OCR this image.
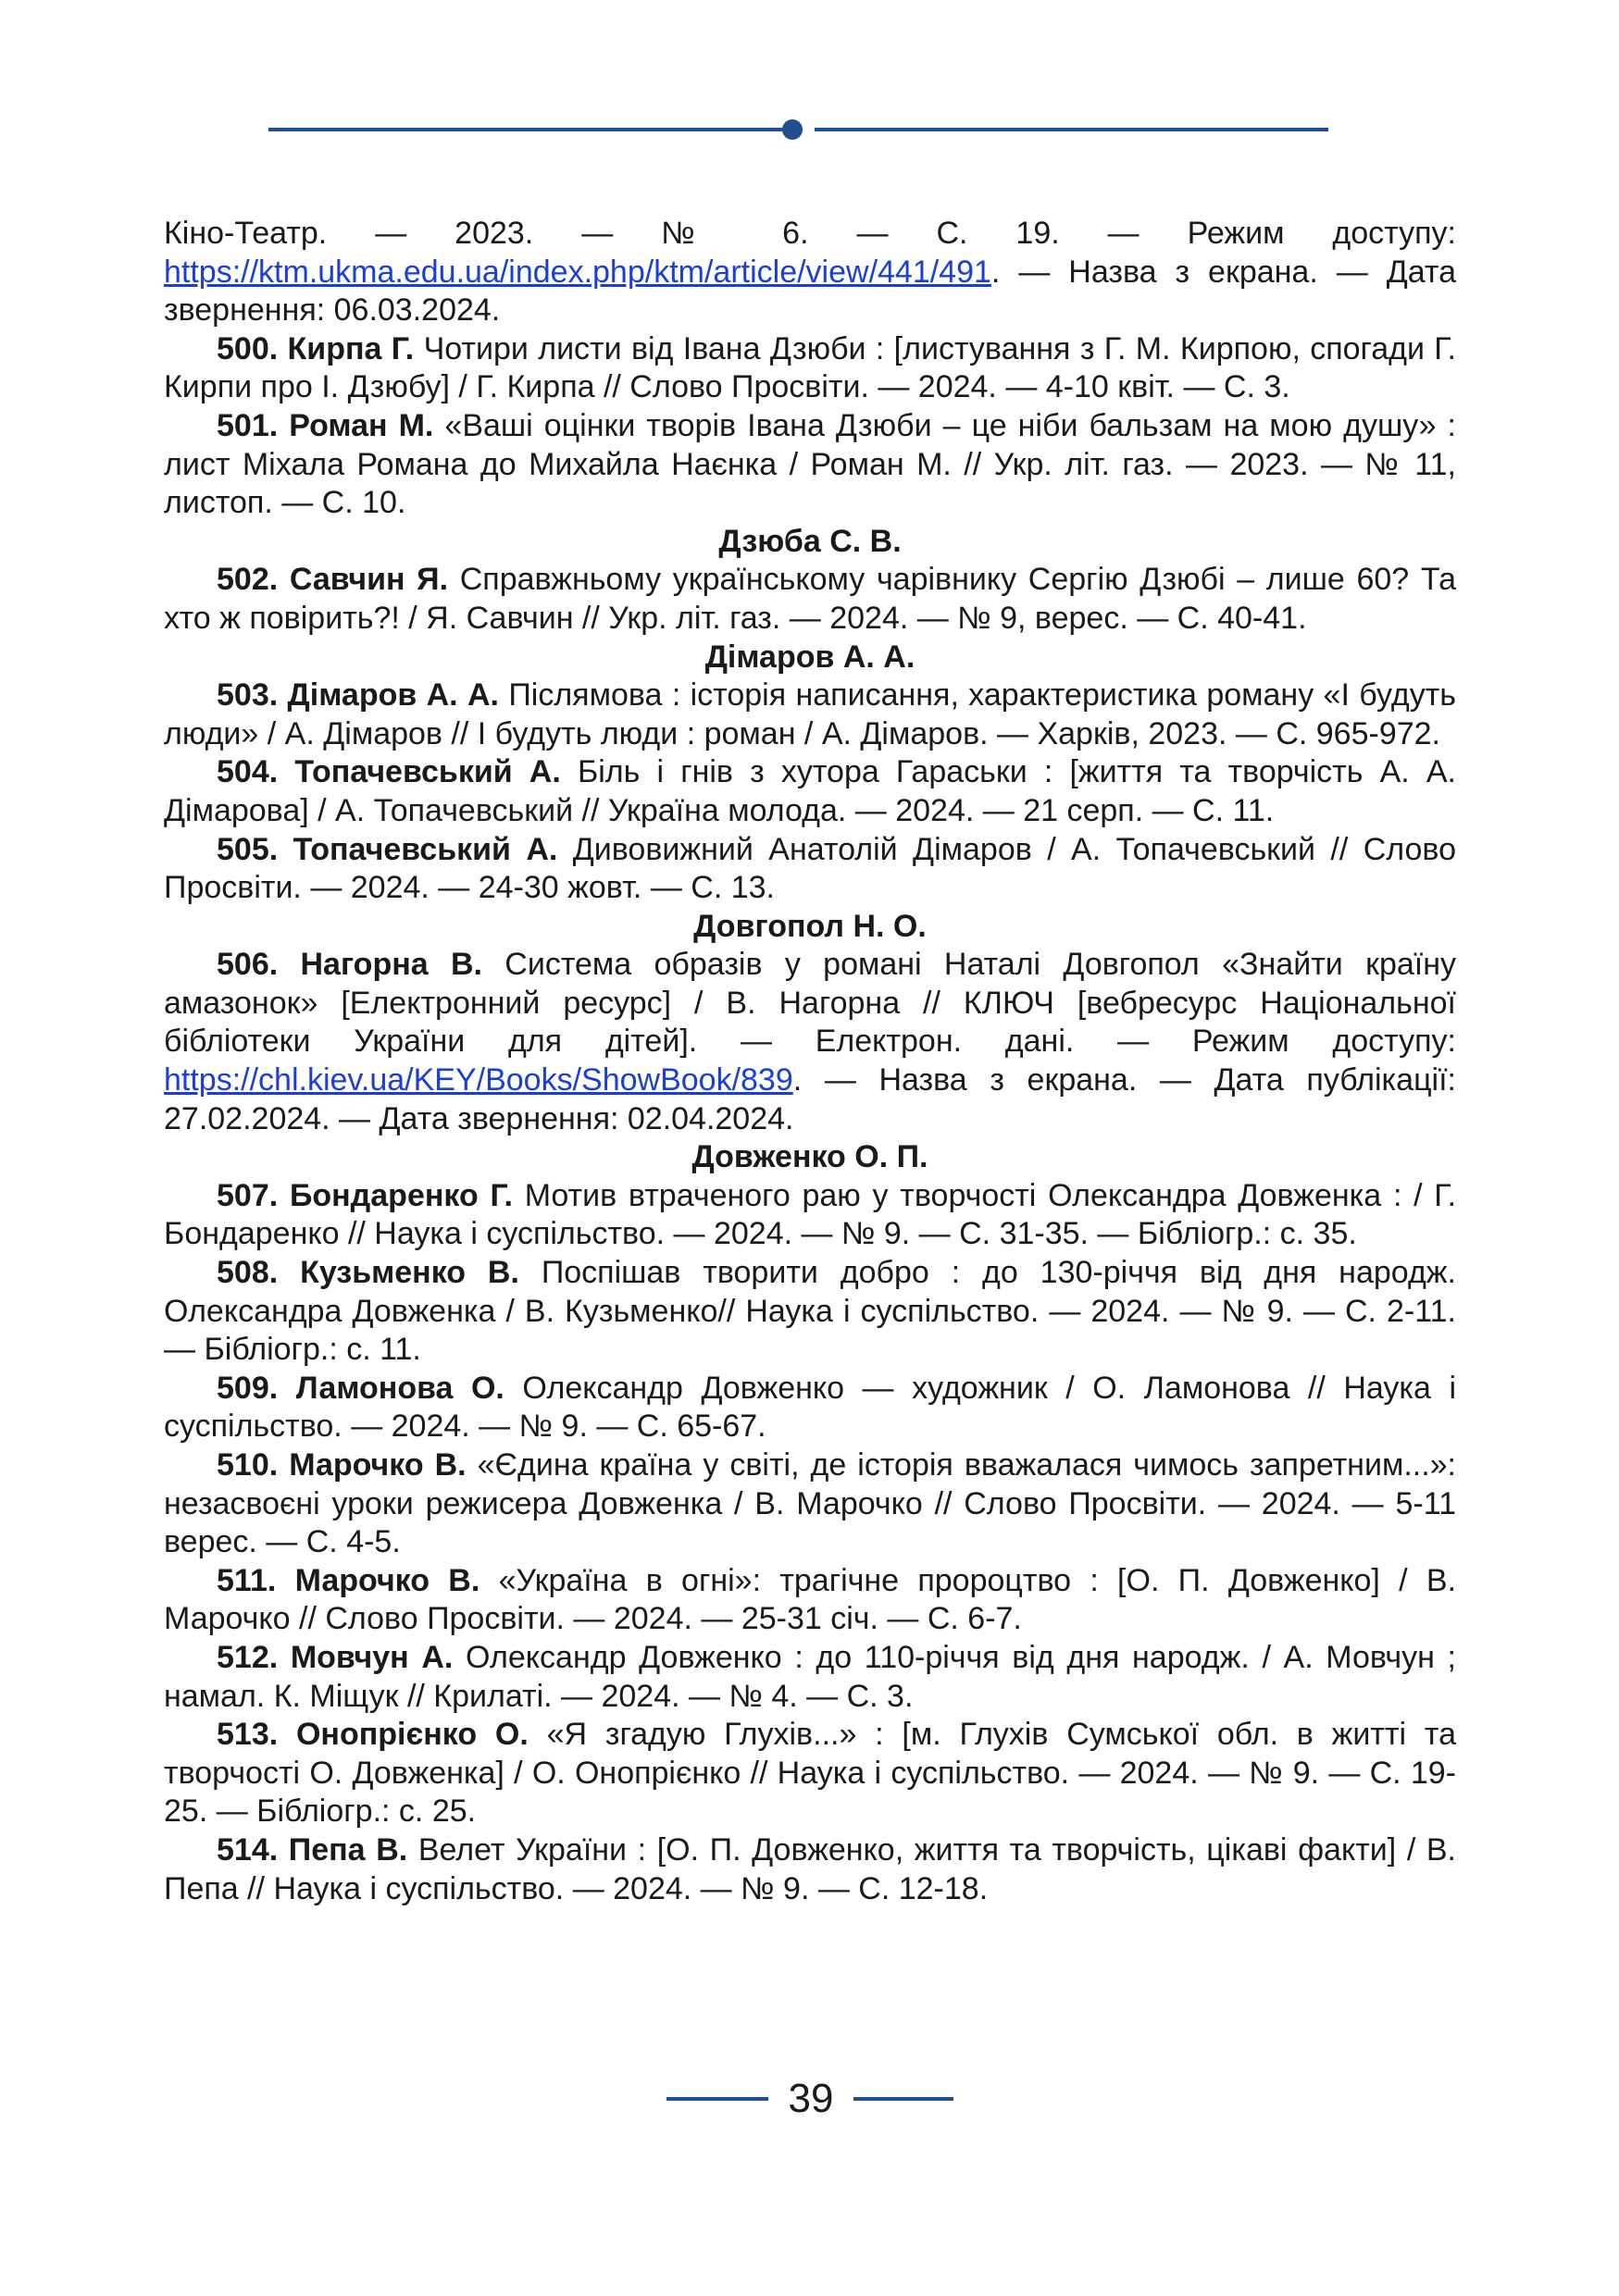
Кіно-Театр. — 2023. — № 6. — С. 19. — Режим доступу: https://ktm.ukma.edu.ua/index.php/ktm/article/view/441/491. — Назва з екрана. — Дата звернення: 06.03.2024.

500. Кирпа Г. Чотири листи від Івана Дзюби : [листування з Г. М. Кирпою, спогади Г. Кирпи про І. Дзюбу] / Г. Кирпа // Слово Просвіти. — 2024. — 4-10 квіт. — С. 3.

501. Роман М. «Ваші оцінки творів Івана Дзюби – це ніби бальзам на мою душу» : лист Міхала Романа до Михайла Наєнка / Роман М. // Укр. літ. газ. — 2023. — № 11, листоп. — С. 10.

Дзюба С. В.

502. Савчин Я. Справжньому українському чарівнику Сергію Дзюбі – лише 60? Та хто ж повірить?! / Я. Савчин // Укр. літ. газ. — 2024. — № 9, верес. — С. 40-41.

Дімаров А. А.

503. Дімаров А. А. Післямова : історія написання, характеристика роману «І будуть люди» / А. Дімаров // І будуть люди : роман / А. Дімаров. — Харків, 2023. — С. 965-972.

504. Топачевський А. Біль і гнів з хутора Гараськи : [життя та творчість А. А. Дімарова] / А. Топачевський // Україна молода. — 2024. — 21 серп. — С. 11.

505. Топачевський А. Дивовижний Анатолій Дімаров / А. Топачевський // Слово Просвіти. — 2024. — 24-30 жовт. — С. 13.

Довгопол Н. О.

506. Нагорна В. Система образів у романі Наталі Довгопол «Знайти країну амазонок» [Електронний ресурс] / В. Нагорна // КЛЮЧ [вебресурс Національної бібліотеки України для дітей]. — Електрон. дані. — Режим доступу: https://chl.kiev.ua/KEY/Books/ShowBook/839. — Назва з екрана. — Дата публікації: 27.02.2024. — Дата звернення: 02.04.2024.

Довженко О. П.

507. Бондаренко Г. Мотив втраченого раю у творчості Олександра Довженка : / Г. Бондаренко // Наука і суспільство. — 2024. — № 9. — С. 31-35. — Бібліогр.: с. 35.

508. Кузьменко В. Поспішав творити добро : до 130-річчя від дня народж. Олександра Довженка / В. Кузьменко// Наука і суспільство. — 2024. — № 9. — С. 2-11. — Бібліогр.: с. 11.

509. Ламонова О. Олександр Довженко — художник / О. Ламонова // Наука і суспільство. — 2024. — № 9. — С. 65-67.

510. Марочко В. «Єдина країна у світі, де історія вважалася чимось запретним...»: незасвоєні уроки режисера Довженка / В. Марочко // Слово Просвіти. — 2024. — 5-11 верес. — С. 4-5.

511. Марочко В. «Україна в огні»: трагічне пророцтво : [О. П. Довженко] / В. Марочко // Слово Просвіти. — 2024. — 25-31 січ. — С. 6-7.

512. Мовчун А. Олександр Довженко : до 110-річчя від дня народж. / А. Мовчун ; намал. К. Міщук // Крилаті. — 2024. — № 4. — С. 3.

513. Онопрієнко О. «Я згадую Глухів...» : [м. Глухів Сумської обл. в житті та творчості О. Довженка] / О. Онопрієнко // Наука і суспільство. — 2024. — № 9. — С. 19-25. — Бібліогр.: с. 25.

514. Пепа В. Велет України : [О. П. Довженко, життя та творчість, цікаві факти] / В. Пепа // Наука і суспільство. — 2024. — № 9. — С. 12-18.

39
